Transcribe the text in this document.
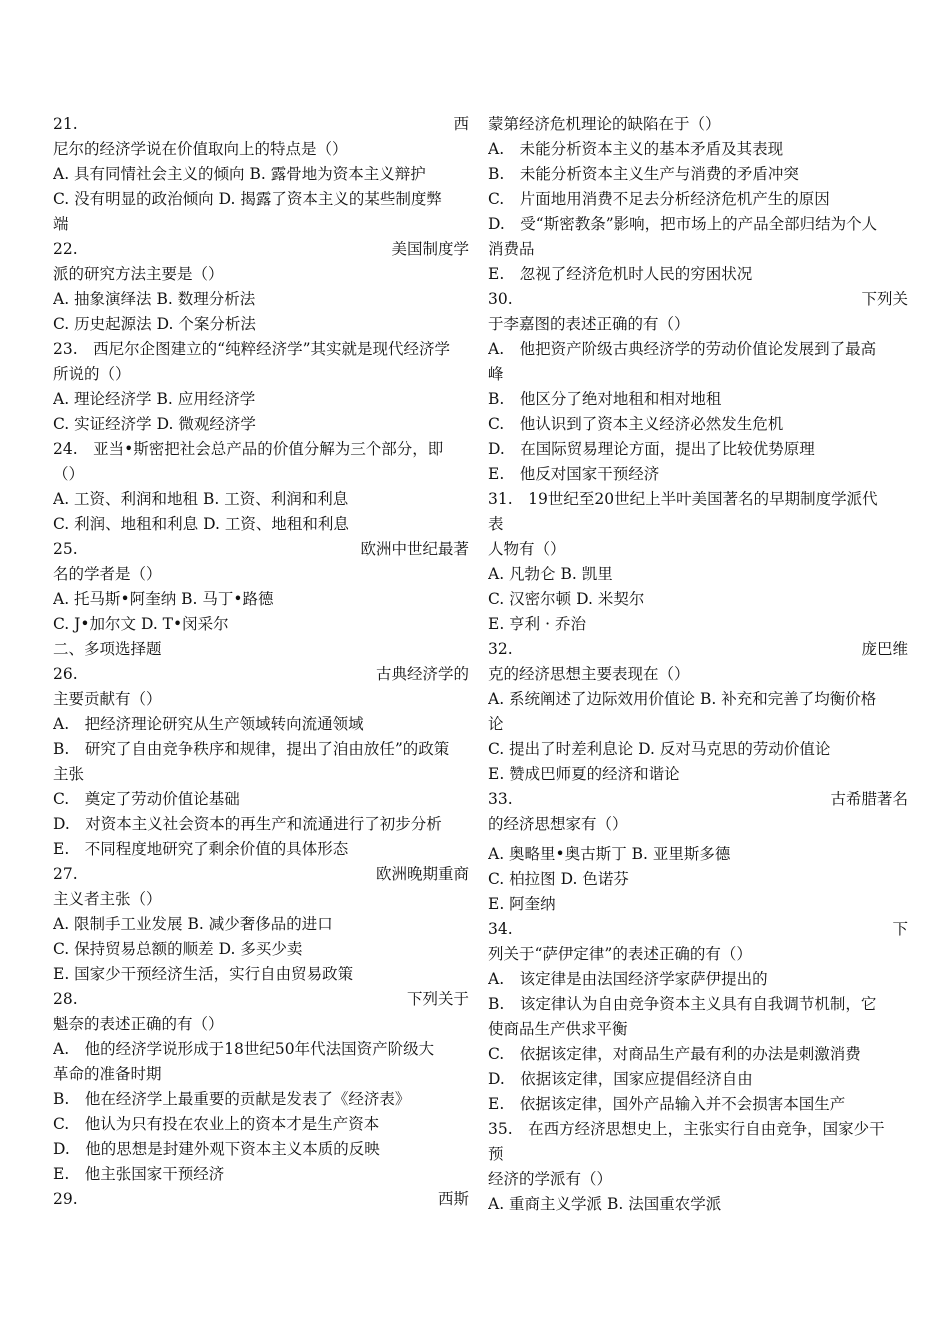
21.	西
尼尔的经济学说在价值取向上的特点是（）
A. 具有同情社会主义的倾向 B. 露骨地为资本主义辩护
C. 没有明显的政治倾向 D. 揭露了资本主义的某些制度弊
端
22.	美国制度学
派的研究方法主要是（）
A. 抽象演绎法 B. 数理分析法
C. 历史起源法 D. 个案分析法
23.　西尼尔企图建立的“纯粹经济学”其实就是现代经济学
所说的（）
A. 理论经济学 B. 应用经济学
C. 实证经济学 D. 微观经济学
24.　亚当•斯密把社会总产品的价值分解为三个部分，即
（）
A. 工资、利润和地租 B. 工资、利润和利息
C. 利润、地租和利息 D. 工资、地租和利息
25.	欧洲中世纪最著
名的学者是（）
A. 托马斯•阿奎纳 B. 马丁•路德
C. J•加尔文 D. T•闵采尔
二、多项选择题
26.	古典经济学的
主要贡献有（）
A.　把经济理论研究从生产领域转向流通领域
B.　研究了自由竞争秩序和规律，提出了洎由放任”的政策
主张
C.　奠定了劳动价值论基础
D.　对资本主义社会资本的再生产和流通进行了初步分析
E.　不同程度地研究了剩余价值的具体形态
27.	欧洲晚期重商
主义者主张（）
A. 限制手工业发展 B. 减少奢侈品的进口
C. 保持贸易总额的顺差 D. 多买少卖
E. 国家少干预经济生活，实行自由贸易政策
28.	下列关于
魁奈的表述正确的有（）
A.　他的经济学说形成于18世纪50年代法国资产阶级大
革命的准备时期
B.　他在经济学上最重要的贡献是发表了《经济表》
C.　他认为只有投在农业上的资本才是生产资本
D.　他的思想是封建外观下资本主义本质的反映
E.　他主张国家干预经济
29.	西斯
蒙第经济危机理论的缺陷在于（）
A.　未能分析资本主义的基本矛盾及其表现
B.　未能分析资本主义生产与消费的矛盾冲突
C.　片面地用消费不足去分析经济危机产生的原因
D.　受“斯密教条”影响，把市场上的产品全部归结为个人
消费品
E.　忽视了经济危机时人民的穷困状况
30.	下列关
于李嘉图的表述正确的有（）
A.　他把资产阶级古典经济学的劳动价值论发展到了最高
峰
B.　他区分了绝对地租和相对地租
C.　他认识到了资本主义经济必然发生危机
D.　在国际贸易理论方面，提出了比较优势原理
E.　他反对国家干预经济
31.　19世纪至20世纪上半叶美国著名的早期制度学派代
表
人物有（）
A. 凡勃仑 B. 凯里
C. 汉密尔顿 D. 米契尔
E. 亨利 · 乔治
32.	庞巴维
克的经济思想主要表现在（）
A. 系统阐述了边际效用价值论 B. 补充和完善了均衡价格
论
C. 提出了时差利息论 D. 反对马克思的劳动价值论
E. 赞成巴师夏的经济和谐论
33.	古希腊著名
的经济思想家有（）
A. 奥略里•奥古斯丁 B. 亚里斯多德
C. 柏拉图 D. 色诺芬
E. 阿奎纳
34.	下
列关于“萨伊定律”的表述正确的有（）
A.　该定律是由法国经济学家萨伊提出的
B.　该定律认为自由竞争资本主义具有自我调节机制，它
使商品生产供求平衡
C.　依据该定律，对商品生产最有利的办法是刺激消费
D.　依据该定律，国家应提倡经济自由
E.　依据该定律，国外产品输入并不会损害本国生产
35.　在西方经济思想史上，主张实行自由竞争，国家少干
预
经济的学派有（）
A. 重商主义学派 B. 法国重农学派
